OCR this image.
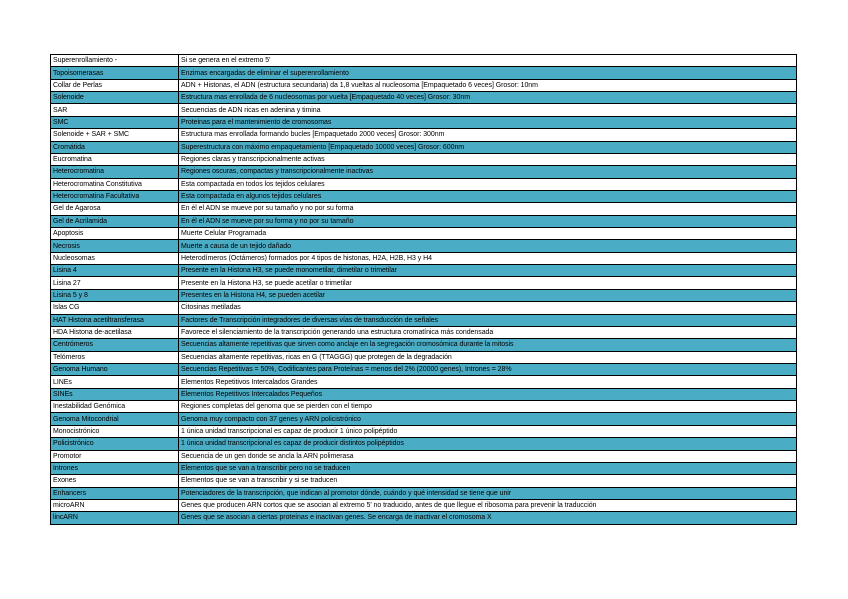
Superenrollamiento -	Si se genera en el extremo 5'
Topoisomerasas	Enzimas encargadas de eliminar el superenrollamiento
Collar de Perlas	ADN + Histonas, el ADN (estructura secundaria) da 1,8 vueltas al nucleosoma [Empaquetado 6 veces] Grosor: 10nm
Solenoide	Estructura mas enrollada de 6 nucleosomas por vuelta [Empaquetado 40 veces] Grosor: 30nm
SAR	Secuencias de ADN ricas en adenina y timina
SMC	Proteinas para el mantenimiento de cromosomas
Solenoide + SAR + SMC	Estructura mas enrollada formando bucles [Empaquetado 2000 veces] Grosor: 300nm
Cromátida	Superestructura con máximo empaquetamiento [Empaquetado 10000 veces] Grosor: 600nm
Eucromatina	Regiones claras y transcripcionalmente activas
Heterocromatina	Regiones oscuras, compactas y transcripcionalmente inactivas
Heterocromatina Constitutiva	Esta compactada en todos los tejidos celulares
Heterocromatina Facultativa	Esta compactada en algunos tejidos celulares
Gel de Agarosa	En él el ADN se mueve por su tamaño y no por su forma
Gel de Acrilamida	En él el ADN se mueve por su forma y no por su tamaño
Apoptosis	Muerte Celular Programada
Necrosis	Muerte a causa de un tejido dañado
Nucleosomas	Heterodímeros (Octámeros) formados por 4 tipos de histonas, H2A, H2B, H3 y H4
Lisina 4	Presente en la Histona H3, se puede monometilar, dimetilar o trimetilar
Lisina 27	Presente en la Histona H3, se puede acetilar o trimetilar
Lisina 5 y 8	Presentes en la Histona H4, se pueden acetilar
Islas CG	Citosinas metiladas
HAT Histona acetiltransferasa	Factores de Transcripción integradores de diversas vías de transducción de señales
HDA Histona de-acetilasa	Favorece el silenciamiento de la transcripción generando una estructura cromatínica más condensada
Centrómeros	Secuencias altamente repetitivas que sirven como anclaje en la segregación cromosómica durante la mitosis
Telómeros	Secuencias altamente repetitivas, ricas en G (TTAGGG) que protegen de la degradación
Genoma Humano	Secuencias Repetitivas = 50%, Codificantes para Proteínas = menos del 2% (20000 genes), Intrones = 28%
LINEs	Elementos Repetitivos Intercalados Grandes
SINEs	Elementos Repetitivos Intercalados Pequeños
Inestabilidad Genómica	Regiones completas del genoma que se pierden con el tiempo
Genoma Mitocondrial	Genoma muy compacto con 37 genes y ARN policistrónico
Monocistrónico	1 única unidad transcripcional es capaz de producir 1 único polipéptido
Policistrónico	1 única unidad transcripcional es capaz de producir distintos polipéptidos
Promotor	Secuencia de un gen donde se ancla la ARN polimerasa
Intrones	Elementos que se van a transcribir pero no se traducen
Exones	Elementos que se van a transcribir y si se traducen
Enhancers	Potenciadores de la transcripción, que indican al promotor dónde, cuándo y qué intensidad se tiene que unir
microARN	Genes que producen ARN cortos que se asocian al extremo 5' no traducido, antes de que llegue el ribosoma para prevenir la traducción
lincARN	Genes que se asocian a ciertas proteínas e inactivan genes. Se encarga de inactivar el cromosoma X
